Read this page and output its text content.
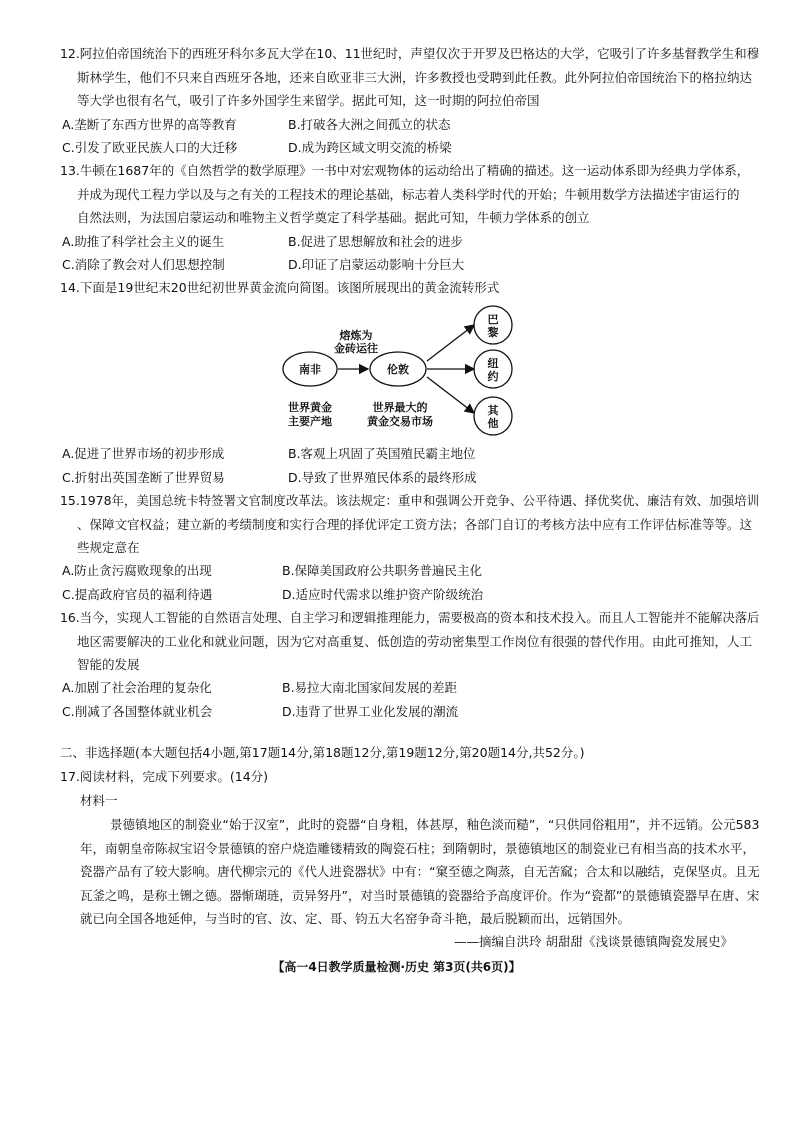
12.阿拉伯帝国统治下的西班牙科尔多瓦大学在10、11世纪时，声望仅次于开罗及巴格达的大学，它吸引了许多基督教学生和穆
斯林学生，他们不只来自西班牙各地，还来自欧亚非三大洲，许多教授也受聘到此任教。此外阿拉伯帝国统治下的格拉纳达
等大学也很有名气，吸引了许多外国学生来留学。据此可知，这一时期的阿拉伯帝国
A.垄断了东西方世界的高等教育	B.打破各大洲之间孤立的状态
C.引发了欧亚民族人口的大迁移	D.成为跨区域文明交流的桥梁
13.牛顿在1687年的《自然哲学的数学原理》一书中对宏观物体的运动给出了精确的描述。这一运动体系即为经典力学体系，
并成为现代工程力学以及与之有关的工程技术的理论基础，标志着人类科学时代的开始；牛顿用数学方法描述宇宙运行的
自然法则，为法国启蒙运动和唯物主义哲学奠定了科学基础。据此可知，牛顿力学体系的创立
A.助推了科学社会主义的诞生	B.促进了思想解放和社会的进步
C.消除了教会对人们思想控制	D.印证了启蒙运动影响十分巨大
14.下面是19世纪末20世纪初世界黄金流向简图。该图所展现出的黄金流转形式
南非
熔炼为
金砖运往
伦敦
巴
黎
纽
约
其
他
世界黄金
主要产地
世界最大的
黄金交易市场
A.促进了世界市场的初步形成	B.客观上巩固了英国殖民霸主地位
C.折射出英国垄断了世界贸易	D.导致了世界殖民体系的最终形成
15.1978年，美国总统卡特签署文官制度改革法。该法规定：重申和强调公开竞争、公平待遇、择优奖优、廉洁有效、加强培训
、保障文官权益；建立新的考绩制度和实行合理的择优评定工资方法；各部门自订的考核方法中应有工作评估标准等等。这
些规定意在
A.防止贪污腐败现象的出现	B.保障美国政府公共职务普遍民主化
C.提高政府官员的福利待遇	D.适应时代需求以维护资产阶级统治
16.当今，实现人工智能的自然语言处理、自主学习和逻辑推理能力，需要极高的资本和技术投入。而且人工智能并不能解决落后
地区需要解决的工业化和就业问题，因为它对高重复、低创造的劳动密集型工作岗位有很强的替代作用。由此可推知，人工
智能的发展
A.加剧了社会治理的复杂化	B.易拉大南北国家间发展的差距
C.削减了各国整体就业机会	D.违背了世界工业化发展的潮流
二、非选择题(本大题包括4小题,第17题14分,第18题12分,第19题12分,第20题14分,共52分。)
17.阅读材料，完成下列要求。(14分)
材料一
景德镇地区的制瓷业“始于汉室”，此时的瓷器“自身粗，体甚厚，釉色淡而糙”，“只供同俗粗用”，并不远销。公元583
年，南朝皇帝陈叔宝诏令景德镇的窑户烧造雕镂精致的陶瓷石柱；到隋朝时，景德镇地区的制瓷业已有相当高的技术水平，
瓷器产品有了较大影响。唐代柳宗元的《代人进瓷器状》中有：“窠至德之陶蒸，自无苦窳；合太和以融结，克保坚贞。且无
瓦釜之鸣，是称土铏之德。器惭瑚琏，贡异努丹”，对当时景德镇的瓷器给予高度评价。作为“瓷都”的景德镇瓷器早在唐、宋
就已向全国各地延伸，与当时的官、汝、定、哥、钧五大名窑争奇斗艳，最后脱颖而出，远销国外。
——摘编自洪玲 胡甜甜《浅谈景德镇陶瓷发展史》
【高一4日教学质量检测·历史 第3页(共6页)】
